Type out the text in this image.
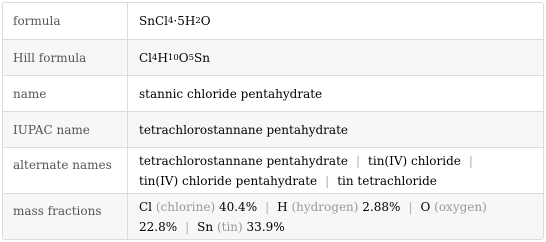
formula	SnCl 4 ·5H 2 O
Hill formula	Cl 4 H 10 O 5 Sn
name	stannic chloride pentahydrate
IUPAC name	tetrachlorostannane pentahydrate
alternate names	tetrachlorostannane pentahydrate | tin(IV) chloride |
tin(IV) chloride pentahydrate | tin tetrachloride
mass fractions	Cl (chlorine) 40.4% | H (hydrogen) 2.88% | O (oxygen)
22.8% | Sn (tin) 33.9%
